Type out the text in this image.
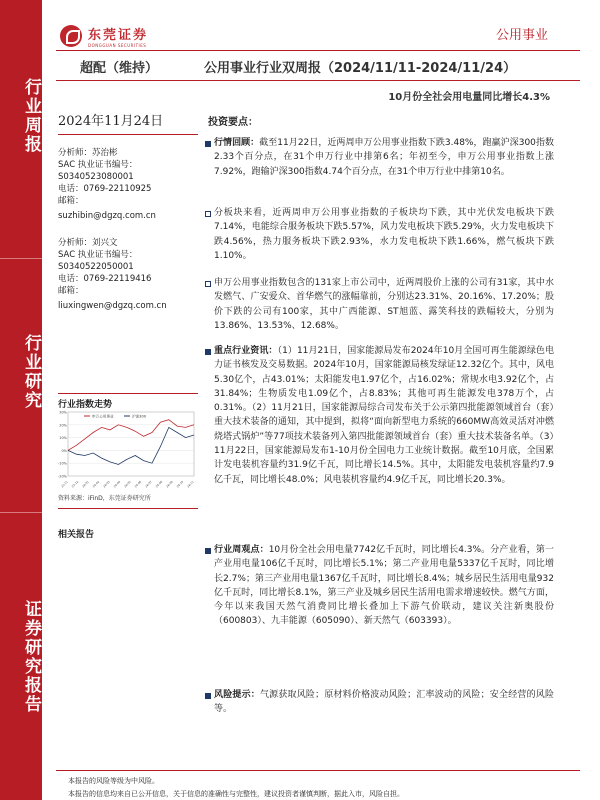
行业周报
行业研究
证券研究报告
东莞证券
DONGGUAN SECURITIES
公用事业
超配（维持）	公用事业行业双周报（2024/11/11-2024/11/24）
10月份全社会用电量同比增长4.3%
2024年11月24日
分析师：苏治彬
SAC 执业证书编号：
S0340523080001
电话：0769-22110925
邮箱：
suzhibin@dgzq.com.cn
分析师：刘兴文
SAC 执业证书编号：
S0340522050001
电话：0769-22119416
邮箱：
liuxingwen@dgzq.com.cn
行业指数走势
申万公用事业	沪深300
-20%
-10%
0%
10%
20%
30%
23-11 23-12 24-01 24-02 24-03 24-04 24-05 24-06 24-07 24-08 24-09 24-10 24-11
资料来源：iFinD，东莞证券研究所
相关报告
投资要点：
行情回顾：截至11月22日，近两周申万公用事业指数下跌3.48%，跑赢沪深300指数2.33个百分点，在31个申万行业中排第6名；年初至今，申万公用事业指数上涨7.92%，跑输沪深300指数4.74个百分点，在31个申万行业中排第10名。
分板块来看，近两周申万公用事业指数的子板块均下跌，其中光伏发电板块下跌7.14%，电能综合服务板块下跌5.57%，风力发电板块下跌5.29%，火力发电板块下跌4.56%，热力服务板块下跌2.93%，水力发电板块下跌1.66%，燃气板块下跌1.10%。
申万公用事业指数包含的131家上市公司中，近两周股价上涨的公司有31家，其中水发燃气、广安爱众、首华燃气的涨幅靠前，分别达23.31%、20.16%、17.20%；股价下跌的公司有100家，其中广西能源、ST旭蓝、露笑科技的跌幅较大，分别为13.86%、13.53%、12.68%。
重点行业资讯：（1）11月21日，国家能源局发布2024年10月全国可再生能源绿色电力证书核发及交易数据。2024年10月，国家能源局核发绿证12.32亿个。其中，风电5.30亿个，占43.01%；太阳能发电1.97亿个，占16.02%；常规水电3.92亿个，占31.84%；生物质发电1.09亿个，占8.83%；其他可再生能源发电378万个，占0.31%。（2）11月21日，国家能源局综合司发布关于公示第四批能源领域首台（套）重大技术装备的通知，其中提到，拟将“面向新型电力系统的660MW高效灵活对冲燃烧塔式锅炉”等77项技术装备列入第四批能源领域首台（套）重大技术装备名单。（3）11月22日，国家能源局发布1-10月份全国电力工业统计数据。截至10月底，全国累计发电装机容量约31.9亿千瓦，同比增长14.5%。其中，太阳能发电装机容量约7.9亿千瓦，同比增长48.0%；风电装机容量约4.9亿千瓦，同比增长20.3%。
行业周观点：10月份全社会用电量7742亿千瓦时，同比增长4.3%。分产业看，第一产业用电量106亿千瓦时，同比增长5.1%；第二产业用电量5337亿千瓦时，同比增长2.7%；第三产业用电量1367亿千瓦时，同比增长8.4%；城乡居民生活用电量932亿千瓦时，同比增长8.1%，第三产业及城乡居民生活用电需求增速较快。燃气方面，今年以来我国天然气消费同比增长叠加上下游气价联动，建议关注新奥股份（600803）、九丰能源（605090）、新天然气（603393）。
风险提示：气源获取风险；原材料价格波动风险；汇率波动的风险；安全经营的风险等。
本报告的风险等级为中风险。
本报告的信息均来自已公开信息，关于信息的准确性与完整性，建议投资者谨慎判断，据此入市，风险自担。
